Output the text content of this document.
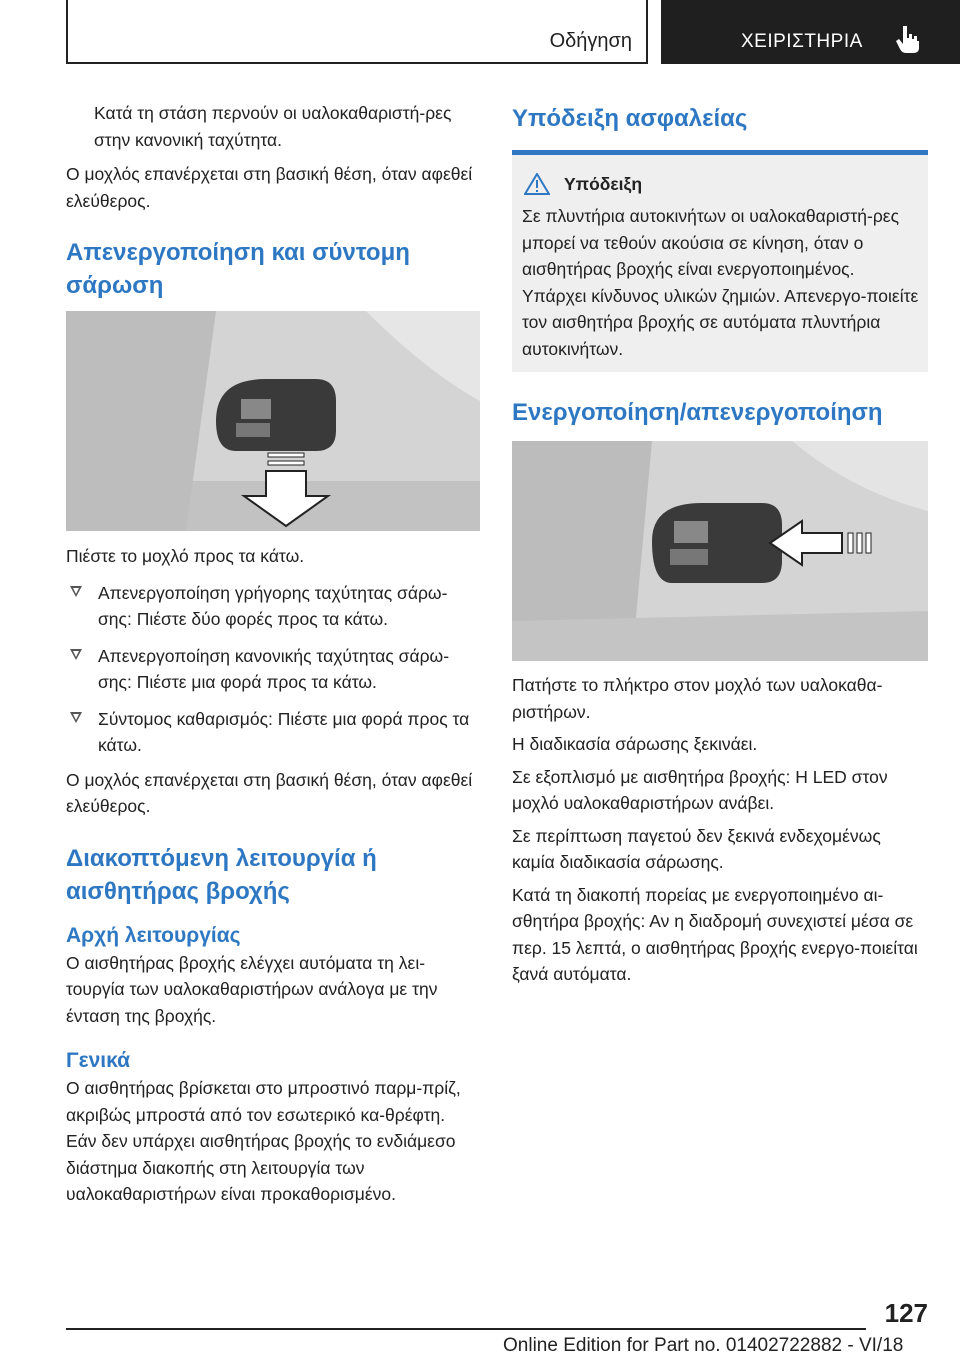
Οδήγηση	ΧΕΙΡΙΣΤΗΡΙΑ

Κατά τη στάση περνούν οι υαλοκαθαριστή-ρες στην κανονική ταχύτητα.

Ο μοχλός επανέρχεται στη βασική θέση, όταν αφεθεί ελεύθερος.

Απενεργοποίηση και σύντομη σάρωση

Πιέστε το μοχλό προς τα κάτω.

Απενεργοποίηση γρήγορης ταχύτητας σάρω-σης: Πιέστε δύο φορές προς τα κάτω.

Απενεργοποίηση κανονικής ταχύτητας σάρω-σης: Πιέστε μια φορά προς τα κάτω.

Σύντομος καθαρισμός: Πιέστε μια φορά προς τα κάτω.

Ο μοχλός επανέρχεται στη βασική θέση, όταν αφεθεί ελεύθερος.

Διακοπτόμενη λειτουργία ή αισθητήρας βροχής

Αρχή λειτουργίας

Ο αισθητήρας βροχής ελέγχει αυτόματα τη λει-τουργία των υαλοκαθαριστήρων ανάλογα με την ένταση της βροχής.

Γενικά

Ο αισθητήρας βρίσκεται στο μπροστινό παρμ-πρίζ, ακριβώς μπροστά από τον εσωτερικό κα-θρέφτη. Εάν δεν υπάρχει αισθητήρας βροχής το ενδιάμεσο διάστημα διακοπής στη λειτουργία των υαλοκαθαριστήρων είναι προκαθορισμένο.

Υπόδειξη ασφαλείας

Υπόδειξη

Σε πλυντήρια αυτοκινήτων οι υαλοκαθαριστή-ρες μπορεί να τεθούν ακούσια σε κίνηση, όταν ο αισθητήρας βροχής είναι ενεργοποιημένος. Υπάρχει κίνδυνος υλικών ζημιών. Απενεργο-ποιείτε τον αισθητήρα βροχής σε αυτόματα πλυντήρια αυτοκινήτων.

Ενεργοποίηση/απενεργοποίηση

Πατήστε το πλήκτρο στον μοχλό των υαλοκαθα-ριστήρων.

Η διαδικασία σάρωσης ξεκινάει.

Σε εξοπλισμό με αισθητήρα βροχής: Η LED στον μοχλό υαλοκαθαριστήρων ανάβει.

Σε περίπτωση παγετού δεν ξεκινά ενδεχομένως καμία διαδικασία σάρωσης.

Κατά τη διακοπή πορείας με ενεργοποιημένο αι-σθητήρα βροχής: Αν η διαδρομή συνεχιστεί μέσα σε περ. 15 λεπτά, ο αισθητήρας βροχής ενεργο-ποιείται ξανά αυτόματα.

127
Online Edition for Part no. 01402722882 - VI/18
